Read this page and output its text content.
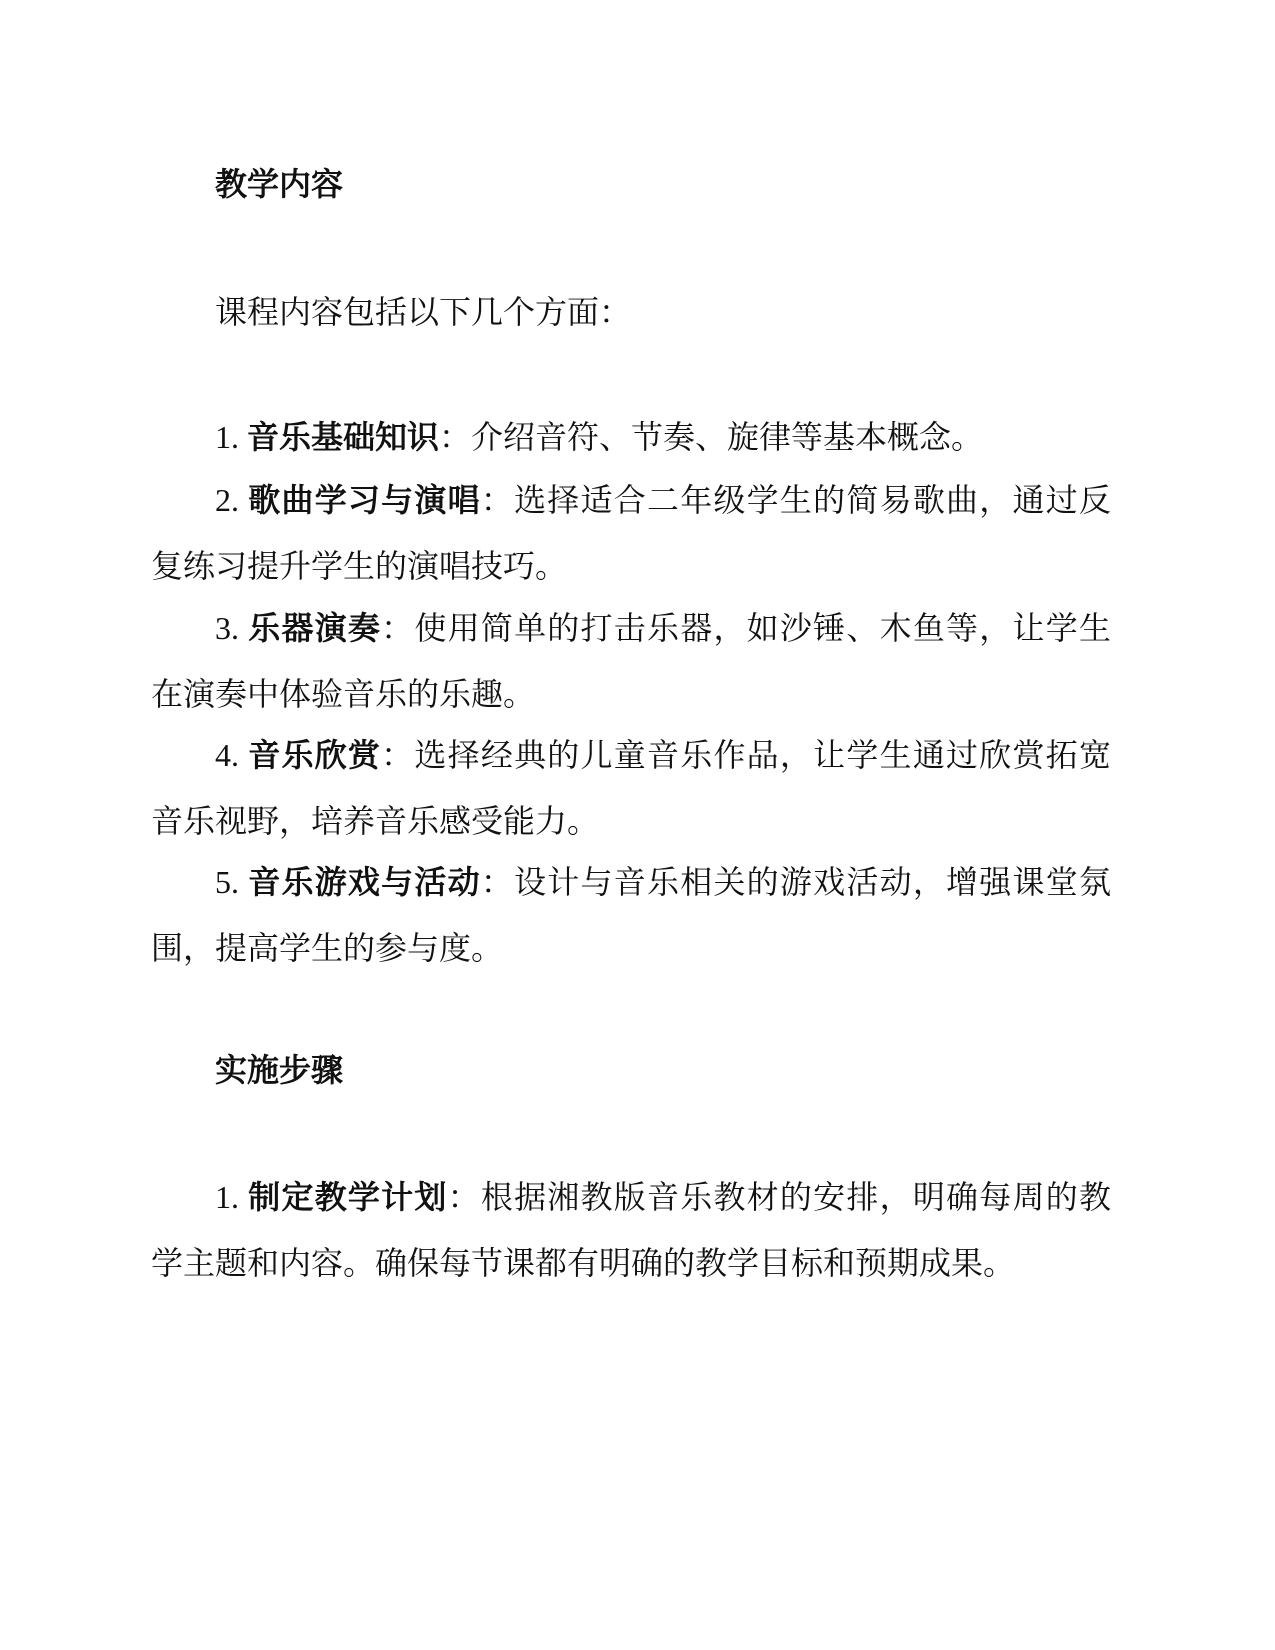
教学内容
课程内容包括以下几个方面：
1. 音乐基础知识：介绍音符、节奏、旋律等基本概念。
2. 歌曲学习与演唱：选择适合二年级学生的简易歌曲，通过反复练习提升学生的演唱技巧。
3. 乐器演奏：使用简单的打击乐器，如沙锤、木鱼等，让学生在演奏中体验音乐的乐趣。
4. 音乐欣赏：选择经典的儿童音乐作品，让学生通过欣赏拓宽音乐视野，培养音乐感受能力。
5. 音乐游戏与活动：设计与音乐相关的游戏活动，增强课堂氛围，提高学生的参与度。
实施步骤
1. 制定教学计划：根据湘教版音乐教材的安排，明确每周的教学主题和内容。确保每节课都有明确的教学目标和预期成果。
